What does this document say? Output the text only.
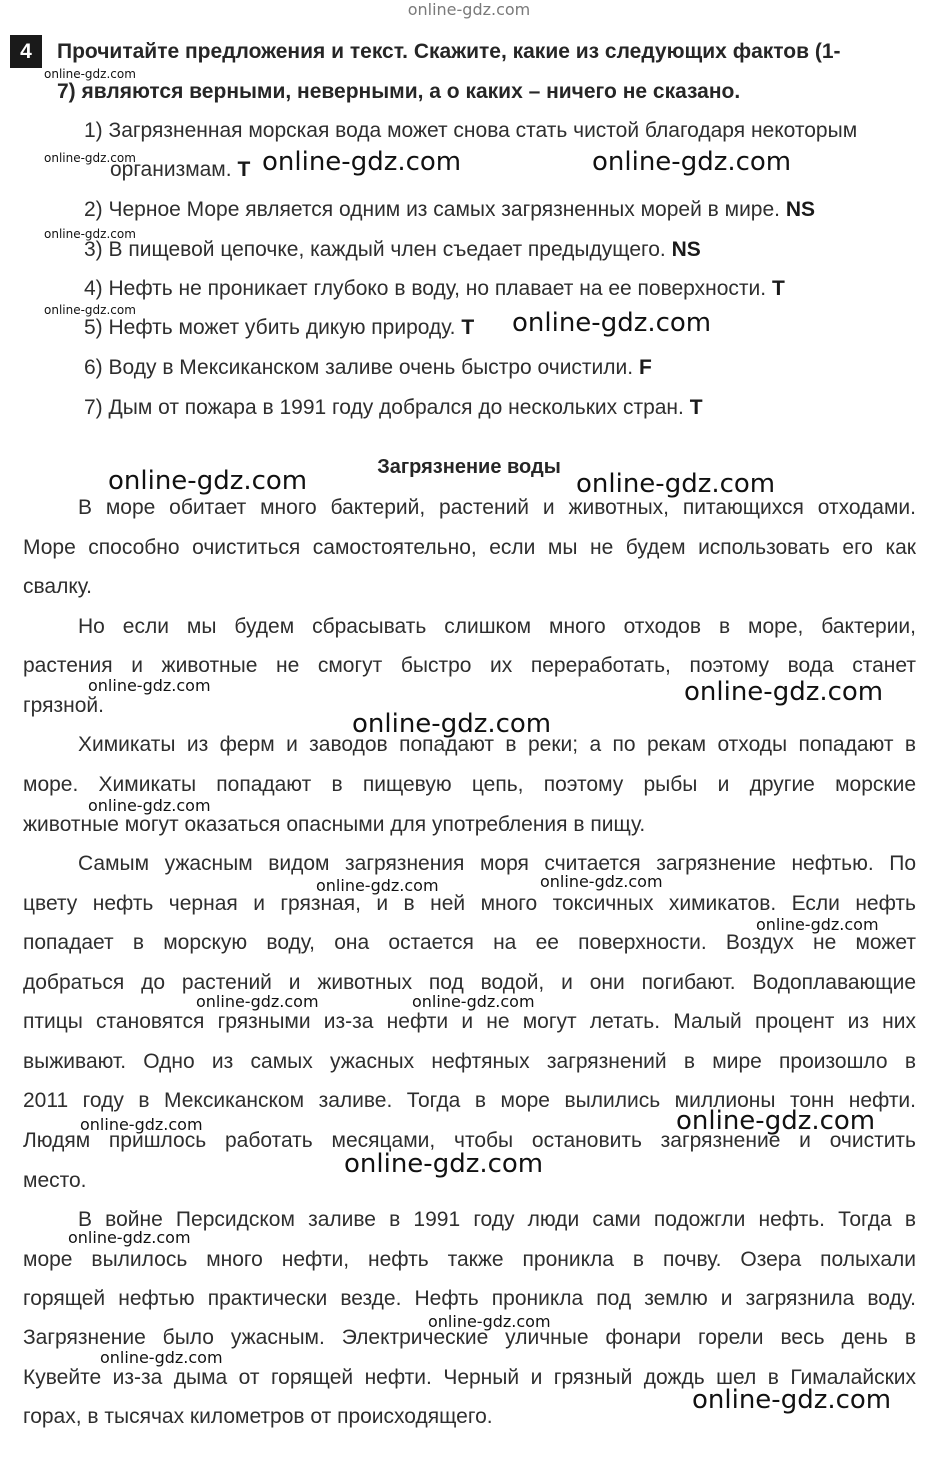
online-gdz.com
4	Прочитайте предложения и текст. Скажите, какие из следующих фактов (1-
7) являются верными, неверными, а о каких – ничего не сказано.
1) Загрязненная морская вода может снова стать чистой благодаря некоторым
организмам. T
2) Черное Море является одним из самых загрязненных морей в мире. NS
3) В пищевой цепочке, каждый член съедает предыдущего. NS
4) Нефть не проникает глубоко в воду, но плавает на ее поверхности. T
5) Нефть может убить дикую природу. T
6) Воду в Мексиканском заливе очень быстро очистили. F
7) Дым от пожара в 1991 году добрался до нескольких стран. T
Загрязнение воды
В море обитает много бактерий, растений и животных, питающихся отходами.
Море способно очиститься самостоятельно, если мы не будем использовать его как
свалку.
Но если мы будем сбрасывать слишком много отходов в море, бактерии,
растения и животные не смогут быстро их переработать, поэтому вода станет
грязной.
Химикаты из ферм и заводов попадают в реки; а по рекам отходы попадают в
море. Химикаты попадают в пищевую цепь, поэтому рыбы и другие морские
животные могут оказаться опасными для употребления в пищу.
Самым ужасным видом загрязнения моря считается загрязнение нефтью. По
цвету нефть черная и грязная, и в ней много токсичных химикатов. Если нефть
попадает в морскую воду, она остается на ее поверхности. Воздух не может
добраться до растений и животных под водой, и они погибают. Водоплавающие
птицы становятся грязными из-за нефти и не могут летать. Малый процент из них
выживают. Одно из самых ужасных нефтяных загрязнений в мире произошло в
2011 году в Мексиканском заливе. Тогда в море вылились миллионы тонн нефти.
Людям пришлось работать месяцами, чтобы остановить загрязнение и очистить
место.
В войне Персидском заливе в 1991 году люди сами подожгли нефть. Тогда в
море вылилось много нефти, нефть также проникла в почву. Озера полыхали
горящей нефтью практически везде. Нефть проникла под землю и загрязнила воду.
Загрязнение было ужасным. Электрические уличные фонари горели весь день в
Кувейте из-за дыма от горящей нефти. Черный и грязный дождь шел в Гималайских
горах, в тысячах километров от происходящего.
online-gdz.com
online-gdz.com
online-gdz.com
online-gdz.com
online-gdz.com	online-gdz.com
online-gdz.com
online-gdz.com	online-gdz.com
online-gdz.com	online-gdz.com
online-gdz.com
online-gdz.com
online-gdz.com	online-gdz.com
online-gdz.com
online-gdz.com	online-gdz.com
online-gdz.com	online-gdz.com
online-gdz.com
online-gdz.com
online-gdz.com
online-gdz.com
online-gdz.com
